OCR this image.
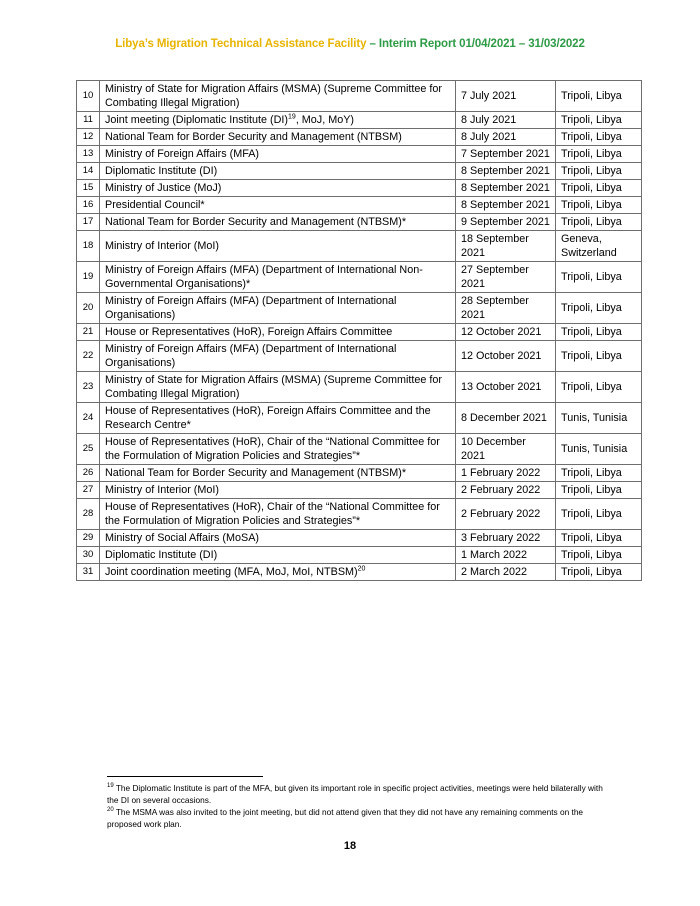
Libya’s Migration Technical Assistance Facility – Interim Report 01/04/2021 – 31/03/2022
10	Ministry of State for Migration Affairs (MSMA) (Supreme Committee for Combating Illegal Migration)	7 July 2021	Tripoli, Libya
11	Joint meeting (Diplomatic Institute (DI)$^{19}$, MoJ, MoY)	8 July 2021	Tripoli, Libya
12	National Team for Border Security and Management (NTBSM)	8 July 2021	Tripoli, Libya
13	Ministry of Foreign Affairs (MFA)	7 September 2021	Tripoli, Libya
14	Diplomatic Institute (DI)	8 September 2021	Tripoli, Libya
15	Ministry of Justice (MoJ)	8 September 2021	Tripoli, Libya
16	Presidential Council*	8 September 2021	Tripoli, Libya
17	National Team for Border Security and Management (NTBSM)*	9 September 2021	Tripoli, Libya
18	Ministry of Interior (MoI)	18 September 2021	Geneva, Switzerland
19	Ministry of Foreign Affairs (MFA) (Department of International Non-Governmental Organisations)*	27 September 2021	Tripoli, Libya
20	Ministry of Foreign Affairs (MFA) (Department of International Organisations)	28 September 2021	Tripoli, Libya
21	House or Representatives (HoR), Foreign Affairs Committee	12 October 2021	Tripoli, Libya
22	Ministry of Foreign Affairs (MFA) (Department of International Organisations)	12 October 2021	Tripoli, Libya
23	Ministry of State for Migration Affairs (MSMA) (Supreme Committee for Combating Illegal Migration)	13 October 2021	Tripoli, Libya
24	House of Representatives (HoR), Foreign Affairs Committee and the Research Centre*	8 December 2021	Tunis, Tunisia
25	House of Representatives (HoR), Chair of the “National Committee for the Formulation of Migration Policies and Strategies”*	10 December 2021	Tunis, Tunisia
26	National Team for Border Security and Management (NTBSM)*	1 February 2022	Tripoli, Libya
27	Ministry of Interior (MoI)	2 February 2022	Tripoli, Libya
28	House of Representatives (HoR), Chair of the “National Committee for the Formulation of Migration Policies and Strategies”*	2 February 2022	Tripoli, Libya
29	Ministry of Social Affairs (MoSA)	3 February 2022	Tripoli, Libya
30	Diplomatic Institute (DI)	1 March 2022	Tripoli, Libya
31	Joint coordination meeting (MFA, MoJ, MoI, NTBSM)$^{20}$	2 March 2022	Tripoli, Libya

$^{19}$ The Diplomatic Institute is part of the MFA, but given its important role in specific project activities, meetings were held bilaterally with the DI on several occasions.

$^{20}$ The MSMA was also invited to the joint meeting, but did not attend given that they did not have any remaining comments on the proposed work plan.

18
